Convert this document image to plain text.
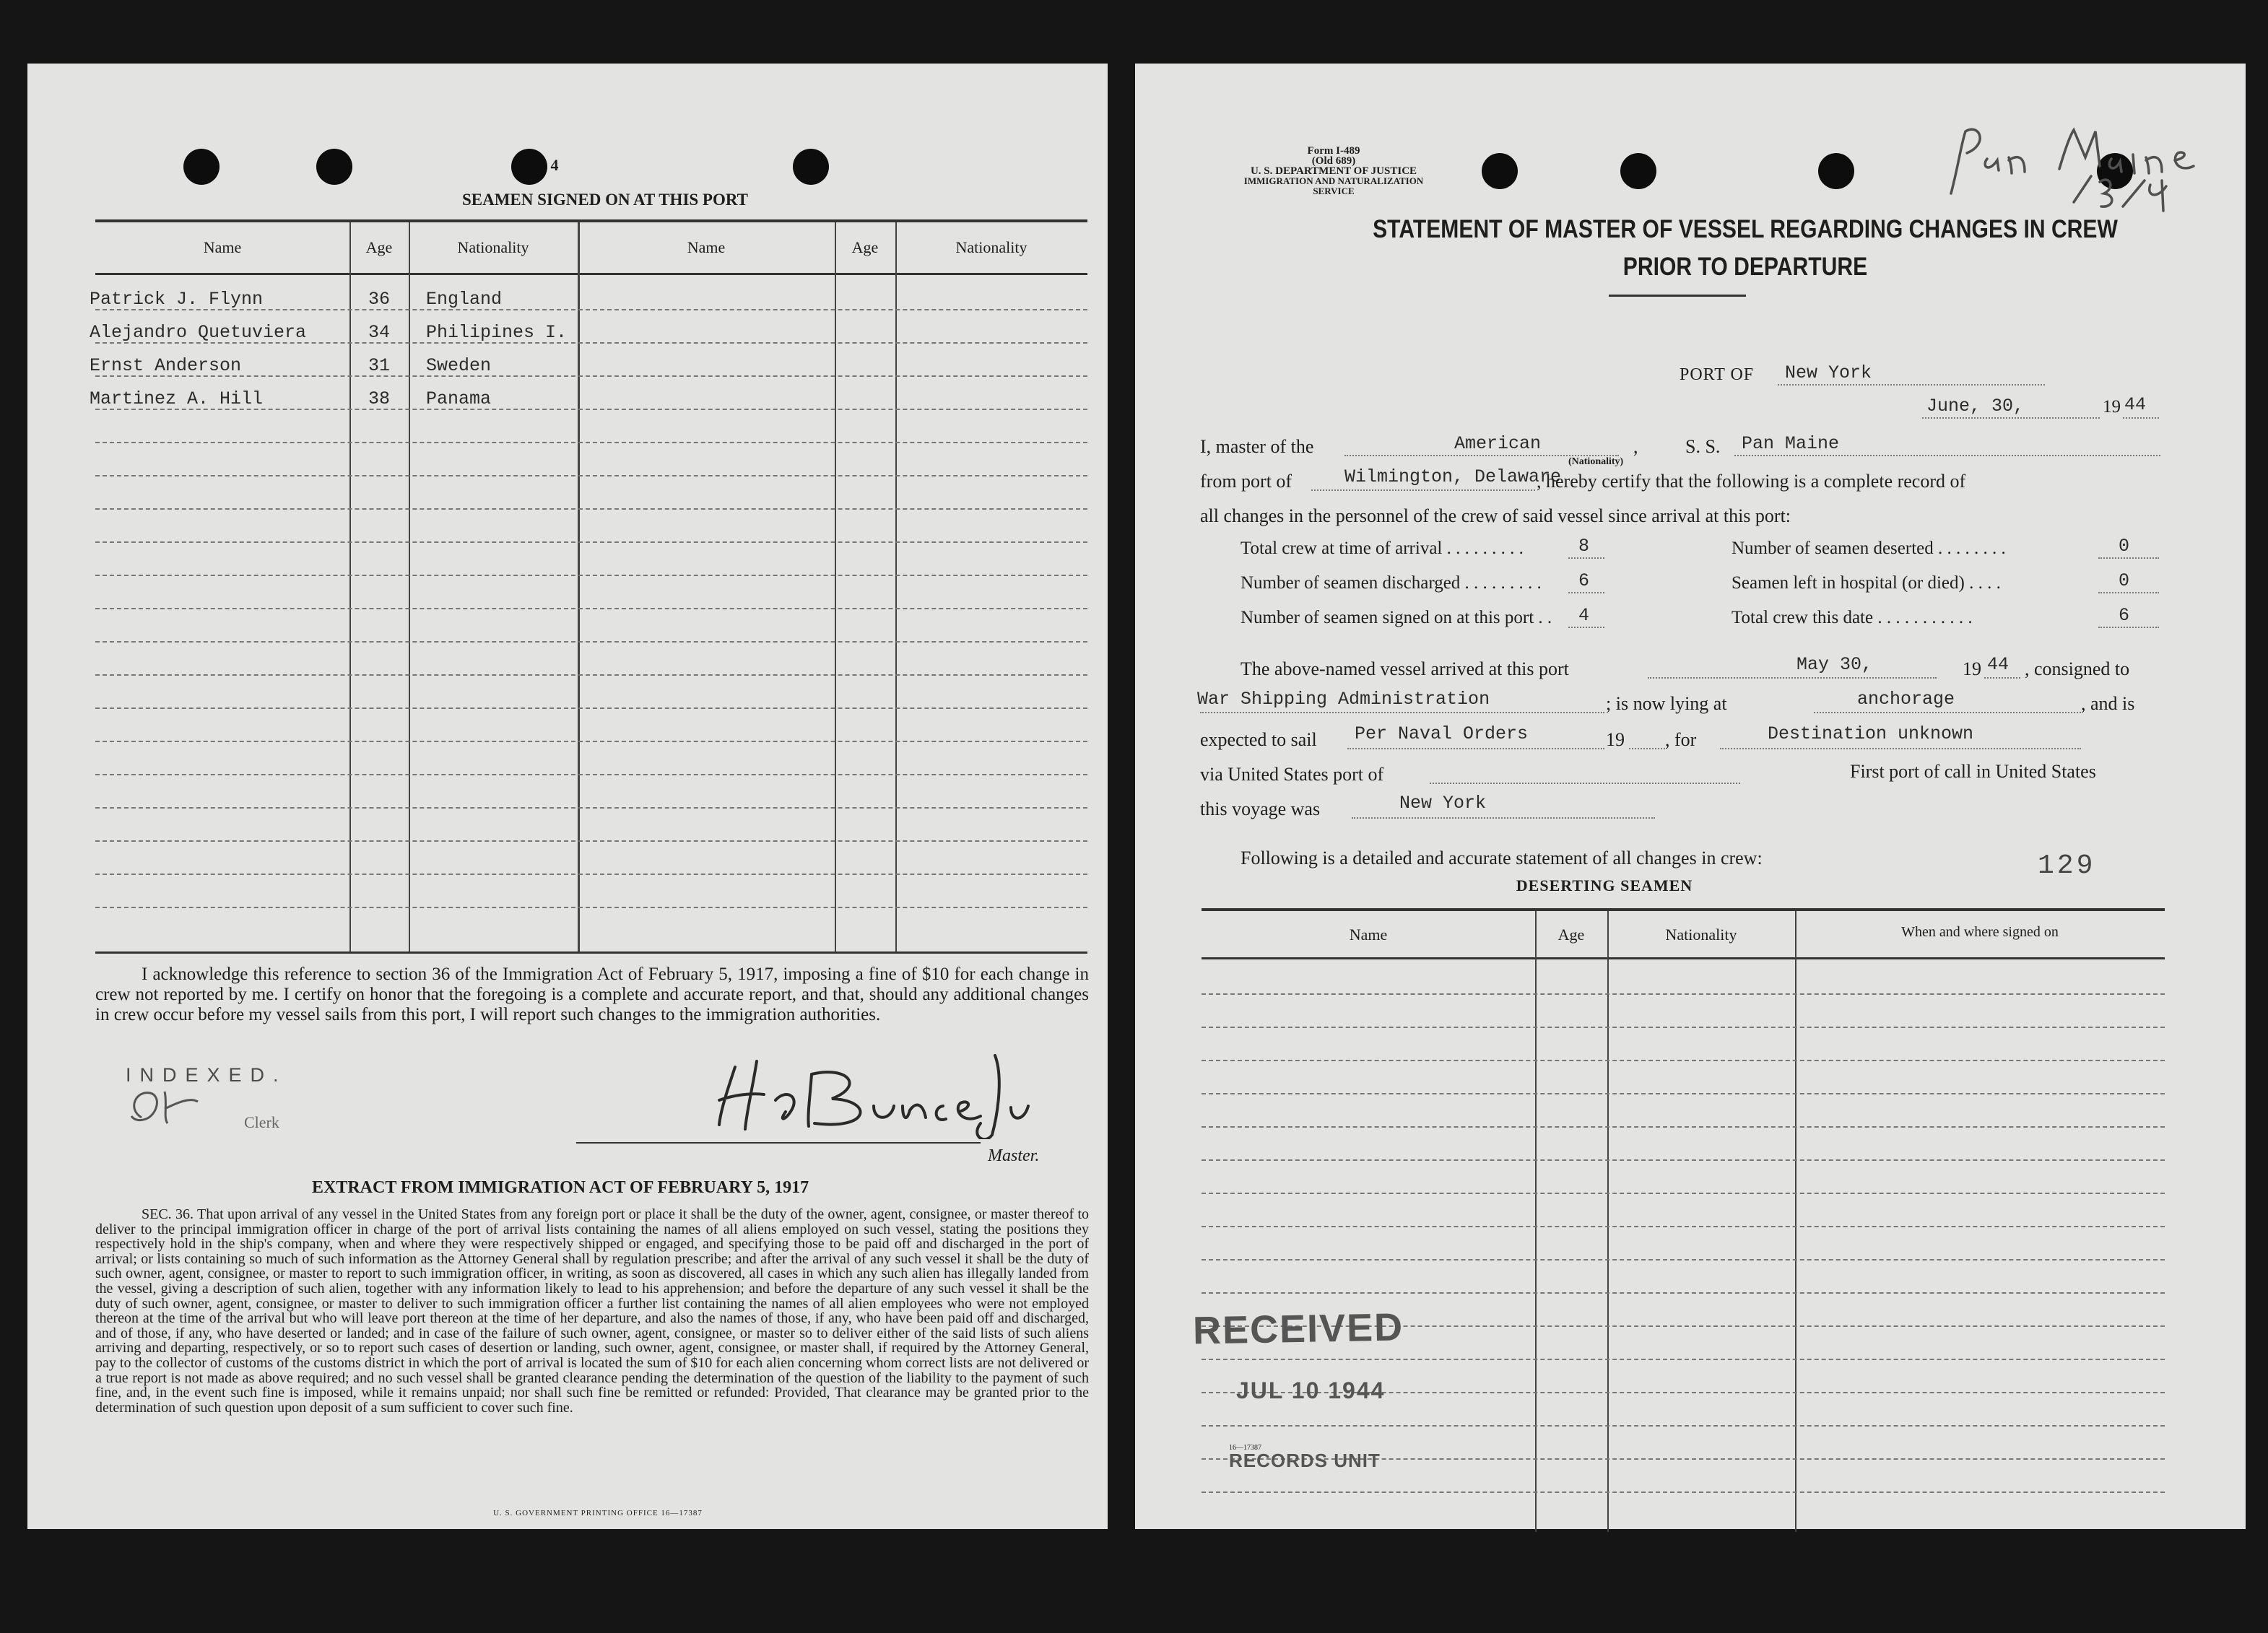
4
SEAMEN SIGNED ON AT THIS PORT
Name	Age	Nationality	Name	Age	Nationality
Patrick J. Flynn	36	England
Alejandro Quetuviera	34	Philipines I.
Ernst Anderson	31	Sweden
Martinez A. Hill	38	Panama

I acknowledge this reference to section 36 of the Immigration Act of February 5, 1917, imposing a fine of $10 for each change in crew not reported by me. I certify on honor that the foregoing is a complete and accurate report, and that, should any additional changes in crew occur before my vessel sails from this port, I will report such changes to the immigration authorities.

INDEXED.
Clerk
Master.
EXTRACT FROM IMMIGRATION ACT OF FEBRUARY 5, 1917

SEC. 36. That upon arrival of any vessel in the United States from any foreign port or place it shall be the duty of the owner, agent, consignee, or master thereof to deliver to the principal immigration officer in charge of the port of arrival lists containing the names of all aliens employed on such vessel, stating the positions they respectively hold in the ship's company, when and where they were respectively shipped or engaged, and specifying those to be paid off and discharged in the port of arrival; or lists containing so much of such information as the Attorney General shall by regulation prescribe; and after the arrival of any such vessel it shall be the duty of such owner, agent, consignee, or master to report to such immigration officer, in writing, as soon as discovered, all cases in which any such alien has illegally landed from the vessel, giving a description of such alien, together with any information likely to lead to his apprehension; and before the departure of any such vessel it shall be the duty of such owner, agent, consignee, or master to deliver to such immigration officer a further list containing the names of all alien employees who were not employed thereon at the time of the arrival but who will leave port thereon at the time of her departure, and also the names of those, if any, who have been paid off and discharged, and of those, if any, who have deserted or landed; and in case of the failure of such owner, agent, consignee, or master so to deliver either of the said lists of such aliens arriving and departing, respectively, or so to report such cases of desertion or landing, such owner, agent, consignee, or master shall, if required by the Attorney General, pay to the collector of customs of the customs district in which the port of arrival is located the sum of $10 for each alien concerning whom correct lists are not delivered or a true report is not made as above required; and no such vessel shall be granted clearance pending the determination of the question of the liability to the payment of such fine, and, in the event such fine is imposed, while it remains unpaid; nor shall such fine be remitted or refunded: Provided, That clearance may be granted prior to the determination of such question upon deposit of a sum sufficient to cover such fine.

U. S. GOVERNMENT PRINTING OFFICE 16—17387
Form I-489
(Old 689)
U. S. DEPARTMENT OF JUSTICE
IMMIGRATION AND NATURALIZATION SERVICE
STATEMENT OF MASTER OF VESSEL REGARDING CHANGES IN CREW
PRIOR TO DEPARTURE
PORT OF New York
June, 30,	19 44
I, master of the	American	,
(Nationality)
S. S. Pan Maine
from port of	Wilmington, Delaware
, hereby certify that the following is a complete record of
all changes in the personnel of the crew of said vessel since arrival at this port:
Total crew at time of arrival . . . . . . . . .	8
Number of seamen discharged . . . . . . . . . 6
Number of seamen signed on at this port . . 4
Number of seamen deserted . . . . . . . .	0
Seamen left in hospital (or died) . . . .	0
Total crew this date . . . . . . . . . . .	6
The above-named vessel arrived at this port	May 30,	19 44 , consigned to
War Shipping Administration	; is now lying at	anchorage	, and is
expected to sail Per Naval Orders	19 , for	Destination unknown
via United States port of	First port of call in United States
this voyage was	New York
Following is a detailed and accurate statement of all changes in crew:	129
DESERTING SEAMEN
Name	Age	Nationality	When and where signed on
RECEIVED
JUL 10 1944
16—17387
RECORDS UNIT
